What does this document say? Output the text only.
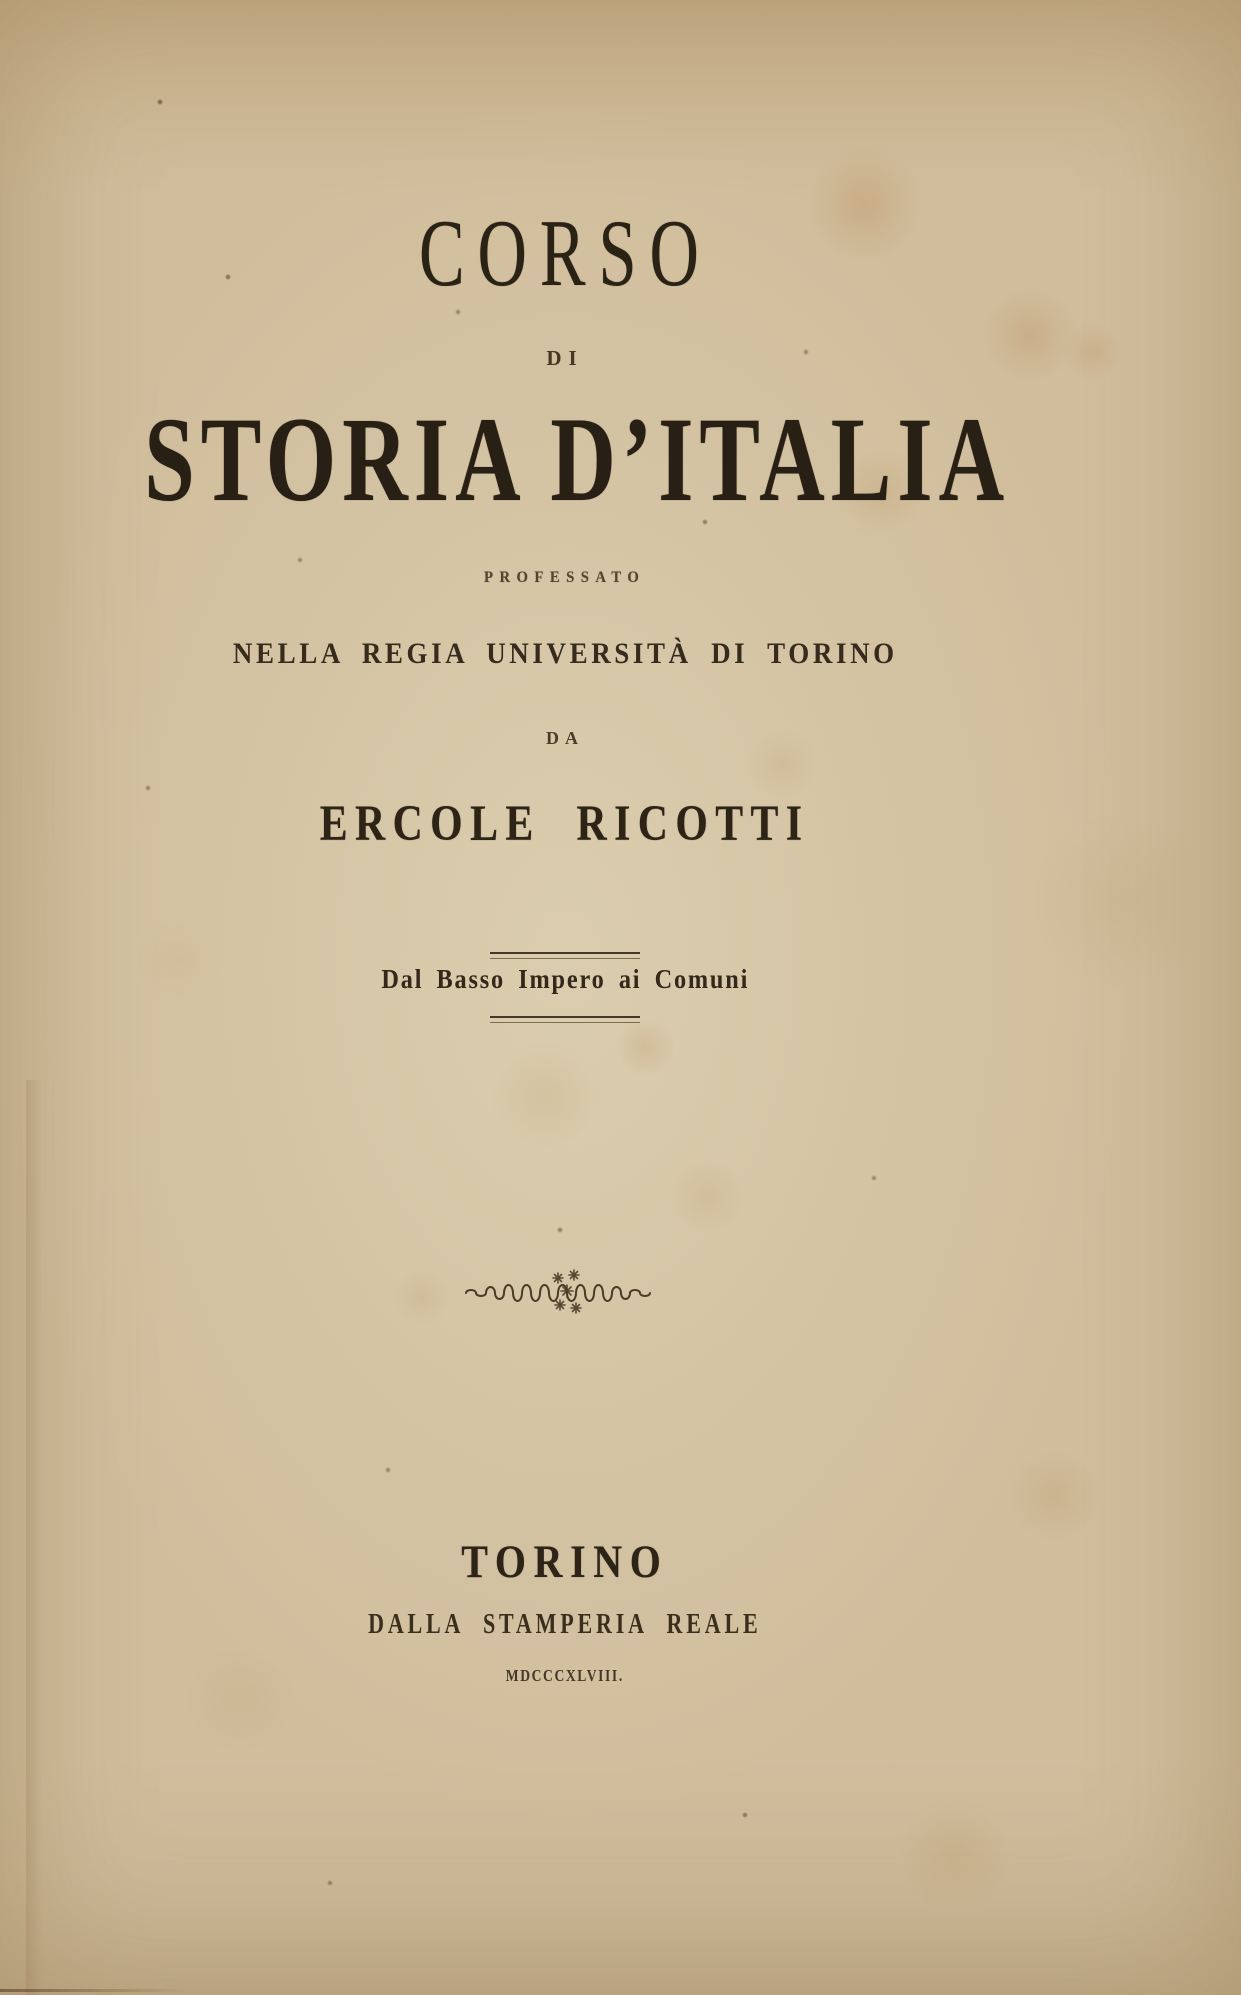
CORSO
DI
STORIA D’ITALIA
PROFESSATO
NELLA REGIA UNIVERSITÀ DI TORINO
DA
ERCOLE RICOTTI
Dal Basso Impero ai Comuni
TORINO
DALLA STAMPERIA REALE
MDCCCXLVIII.
